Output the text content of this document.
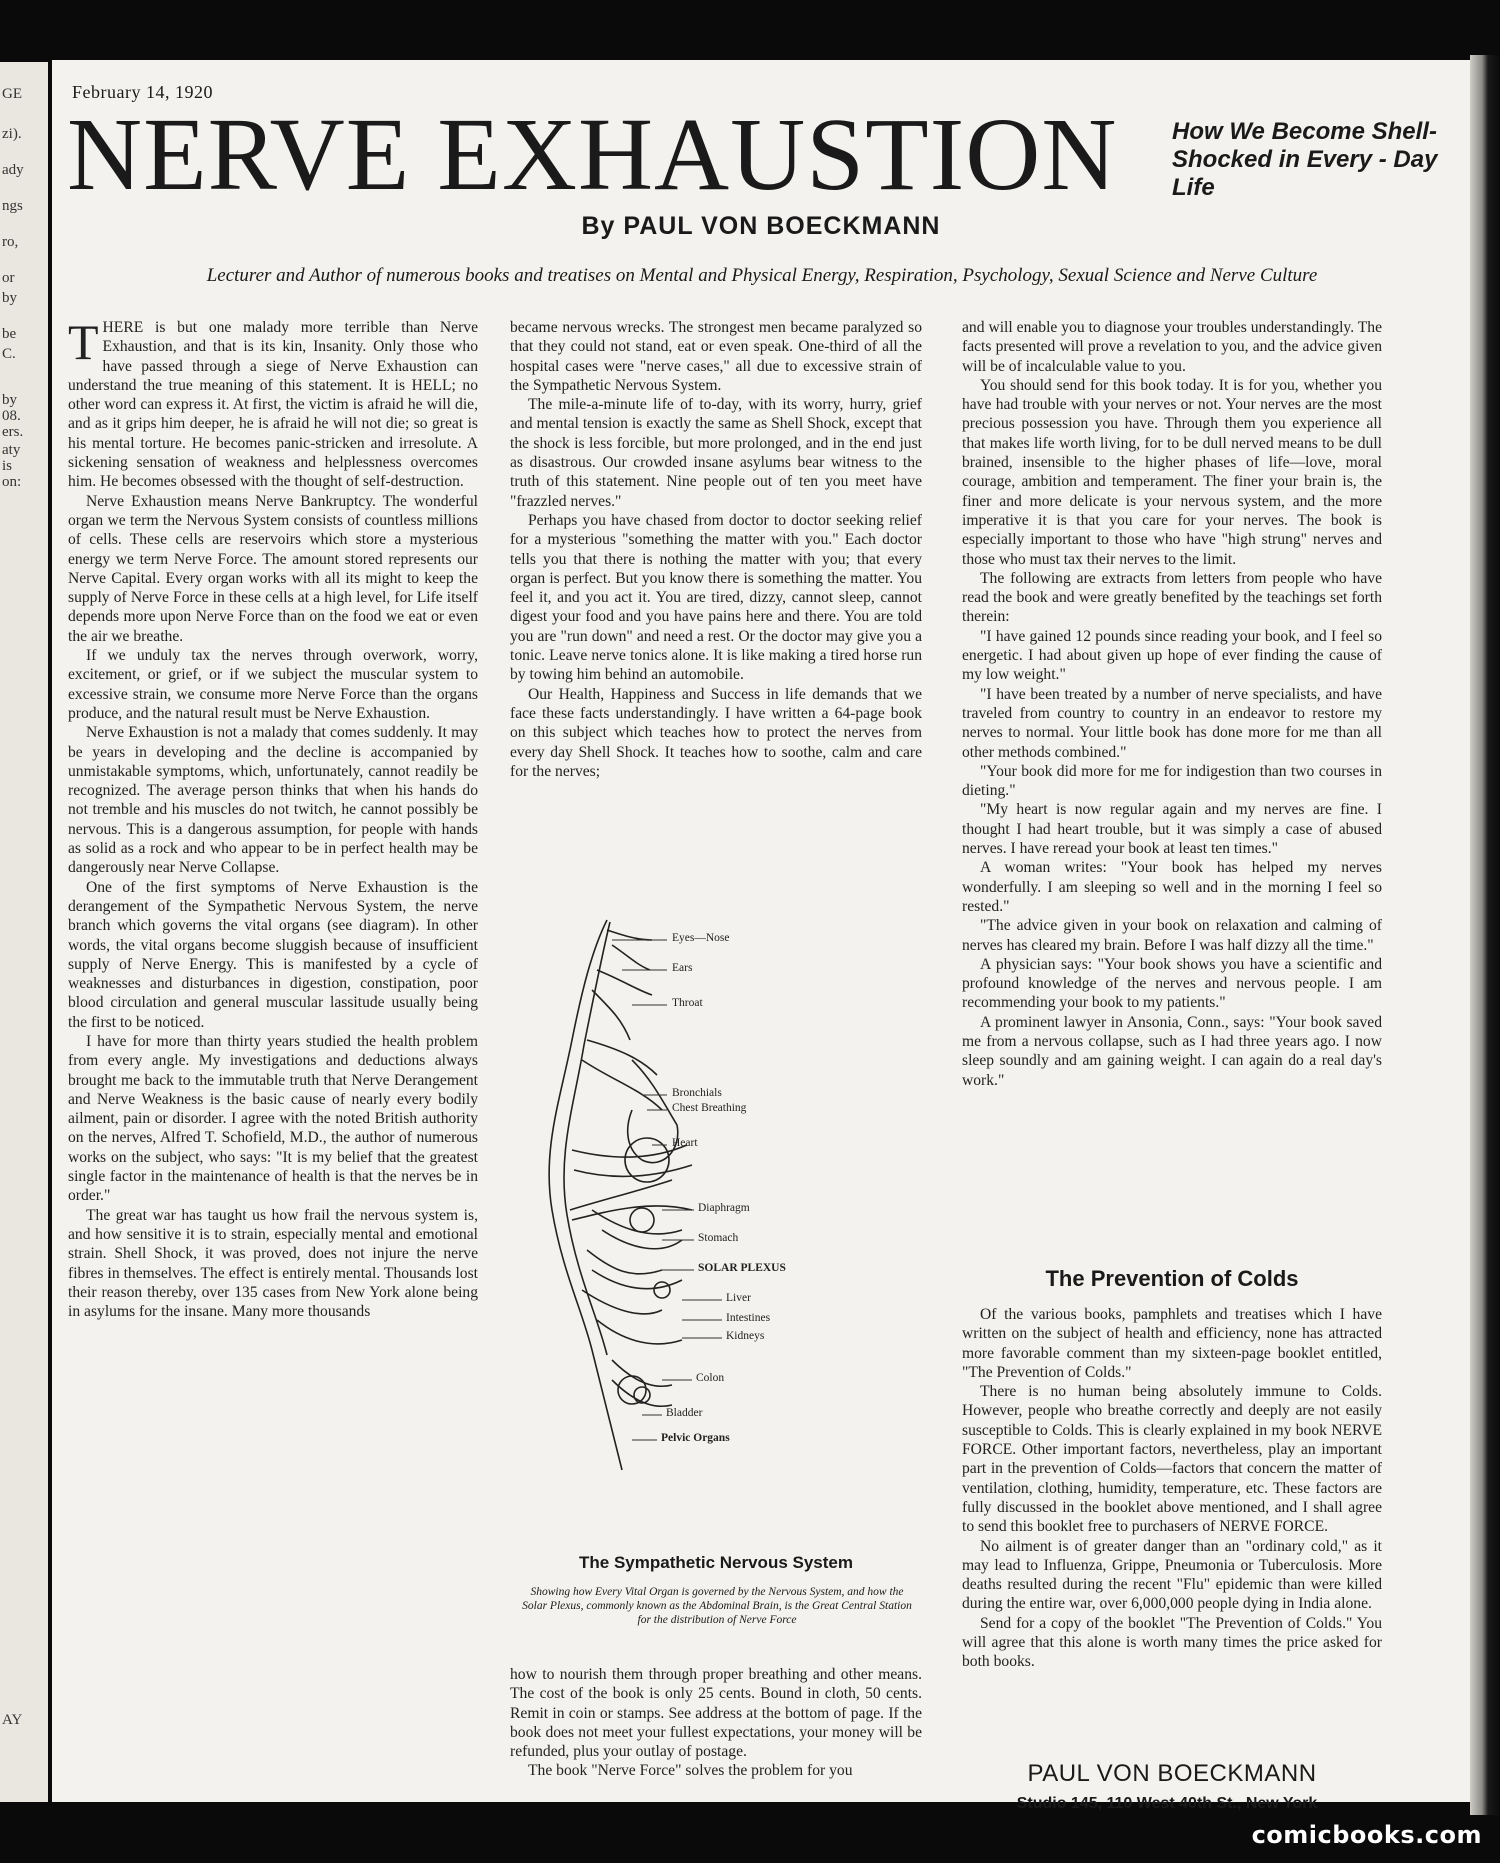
GE
zi).
ady
ngs
ro,
or
by
be
C.
by
08.
ers.
aty
is
on:
AY
February 14, 1920
NERVE EXHAUSTION How We Become Shell-Shocked in Every - Day Life
By PAUL VON BOECKMANN
Lecturer and Author of numerous books and treatises on Mental and Physical Energy, Respiration, Psychology, Sexual Science and Nerve Culture

THERE is but one malady more terrible than Nerve Exhaustion, and that is its kin, Insanity. Only those who have passed through a siege of Nerve Exhaustion can understand the true meaning of this statement. It is HELL; no other word can express it. At first, the victim is afraid he will die, and as it grips him deeper, he is afraid he will not die; so great is his mental torture. He becomes panic-stricken and irresolute. A sickening sensation of weakness and helplessness overcomes him. He becomes obsessed with the thought of self-destruction.

Nerve Exhaustion means Nerve Bankruptcy. The wonderful organ we term the Nervous System consists of countless millions of cells. These cells are reservoirs which store a mysterious energy we term Nerve Force. The amount stored represents our Nerve Capital. Every organ works with all its might to keep the supply of Nerve Force in these cells at a high level, for Life itself depends more upon Nerve Force than on the food we eat or even the air we breathe.

If we unduly tax the nerves through overwork, worry, excitement, or grief, or if we subject the muscular system to excessive strain, we consume more Nerve Force than the organs produce, and the natural result must be Nerve Exhaustion.

Nerve Exhaustion is not a malady that comes suddenly. It may be years in developing and the decline is accompanied by unmistakable symptoms, which, unfortunately, cannot readily be recognized. The average person thinks that when his hands do not tremble and his muscles do not twitch, he cannot possibly be nervous. This is a dangerous assumption, for people with hands as solid as a rock and who appear to be in perfect health may be dangerously near Nerve Collapse.

One of the first symptoms of Nerve Exhaustion is the derangement of the Sympathetic Nervous System, the nerve branch which governs the vital organs (see diagram). In other words, the vital organs become sluggish because of insufficient supply of Nerve Energy. This is manifested by a cycle of weaknesses and disturbances in digestion, constipation, poor blood circulation and general muscular lassitude usually being the first to be noticed.

I have for more than thirty years studied the health problem from every angle. My investigations and deductions always brought me back to the immutable truth that Nerve Derangement and Nerve Weakness is the basic cause of nearly every bodily ailment, pain or disorder. I agree with the noted British authority on the nerves, Alfred T. Schofield, M.D., the author of numerous works on the subject, who says: "It is my belief that the greatest single factor in the maintenance of health is that the nerves be in order."

The great war has taught us how frail the nervous system is, and how sensitive it is to strain, especially mental and emotional strain. Shell Shock, it was proved, does not injure the nerve fibres in themselves. The effect is entirely mental. Thousands lost their reason thereby, over 135 cases from New York alone being in asylums for the insane. Many more thousands

became nervous wrecks. The strongest men became paralyzed so that they could not stand, eat or even speak. One-third of all the hospital cases were "nerve cases," all due to excessive strain of the Sympathetic Nervous System.

The mile-a-minute life of to-day, with its worry, hurry, grief and mental tension is exactly the same as Shell Shock, except that the shock is less forcible, but more prolonged, and in the end just as disastrous. Our crowded insane asylums bear witness to the truth of this statement. Nine people out of ten you meet have "frazzled nerves."

Perhaps you have chased from doctor to doctor seeking relief for a mysterious "something the matter with you." Each doctor tells you that there is nothing the matter with you; that every organ is perfect. But you know there is something the matter. You feel it, and you act it. You are tired, dizzy, cannot sleep, cannot digest your food and you have pains here and there. You are told you are "run down" and need a rest. Or the doctor may give you a tonic. Leave nerve tonics alone. It is like making a tired horse run by towing him behind an automobile.

Our Health, Happiness and Success in life demands that we face these facts understandingly. I have written a 64-page book on this subject which teaches how to protect the nerves from every day Shell Shock. It teaches how to soothe, calm and care for the nerves;

Eyes—Nose
Ears
Throat
Bronchials
Chest Breathing
Heart
Diaphragm
Stomach
SOLAR PLEXUS
Liver
Intestines
Kidneys
Colon
Bladder
Pelvic Organs
The Sympathetic Nervous System
Showing how Every Vital Organ is governed by the Nervous System, and how the Solar Plexus, commonly known as the Abdominal Brain, is the Great Central Station for the distribution of Nerve Force

how to nourish them through proper breathing and other means. The cost of the book is only 25 cents. Bound in cloth, 50 cents. Remit in coin or stamps. See address at the bottom of page. If the book does not meet your fullest expectations, your money will be refunded, plus your outlay of postage.

The book "Nerve Force" solves the problem for you

and will enable you to diagnose your troubles understandingly. The facts presented will prove a revelation to you, and the advice given will be of incalculable value to you.

You should send for this book today. It is for you, whether you have had trouble with your nerves or not. Your nerves are the most precious possession you have. Through them you experience all that makes life worth living, for to be dull nerved means to be dull brained, insensible to the higher phases of life—love, moral courage, ambition and temperament. The finer your brain is, the finer and more delicate is your nervous system, and the more imperative it is that you care for your nerves. The book is especially important to those who have "high strung" nerves and those who must tax their nerves to the limit.

The following are extracts from letters from people who have read the book and were greatly benefited by the teachings set forth therein:

"I have gained 12 pounds since reading your book, and I feel so energetic. I had about given up hope of ever finding the cause of my low weight."

"I have been treated by a number of nerve specialists, and have traveled from country to country in an endeavor to restore my nerves to normal. Your little book has done more for me than all other methods combined."

"Your book did more for me for indigestion than two courses in dieting."

"My heart is now regular again and my nerves are fine. I thought I had heart trouble, but it was simply a case of abused nerves. I have reread your book at least ten times."

A woman writes: "Your book has helped my nerves wonderfully. I am sleeping so well and in the morning I feel so rested."

"The advice given in your book on relaxation and calming of nerves has cleared my brain. Before I was half dizzy all the time."

A physician says: "Your book shows you have a scientific and profound knowledge of the nerves and nervous people. I am recommending your book to my patients."

A prominent lawyer in Ansonia, Conn., says: "Your book saved me from a nervous collapse, such as I had three years ago. I now sleep soundly and am gaining weight. I can again do a real day's work."

The Prevention of Colds

Of the various books, pamphlets and treatises which I have written on the subject of health and efficiency, none has attracted more favorable comment than my sixteen-page booklet entitled, "The Prevention of Colds."

There is no human being absolutely immune to Colds. However, people who breathe correctly and deeply are not easily susceptible to Colds. This is clearly explained in my book NERVE FORCE. Other important factors, nevertheless, play an important part in the prevention of Colds—factors that concern the matter of ventilation, clothing, humidity, temperature, etc. These factors are fully discussed in the booklet above mentioned, and I shall agree to send this booklet free to purchasers of NERVE FORCE.

No ailment is of greater danger than an "ordinary cold," as it may lead to Influenza, Grippe, Pneumonia or Tuberculosis. More deaths resulted during the recent "Flu" epidemic than were killed during the entire war, over 6,000,000 people dying in India alone.

Send for a copy of the booklet "The Prevention of Colds." You will agree that this alone is worth many times the price asked for both books.

PAUL VON BOECKMANN
Studio 145, 110 West 40th St., New York
comicbooks.com
